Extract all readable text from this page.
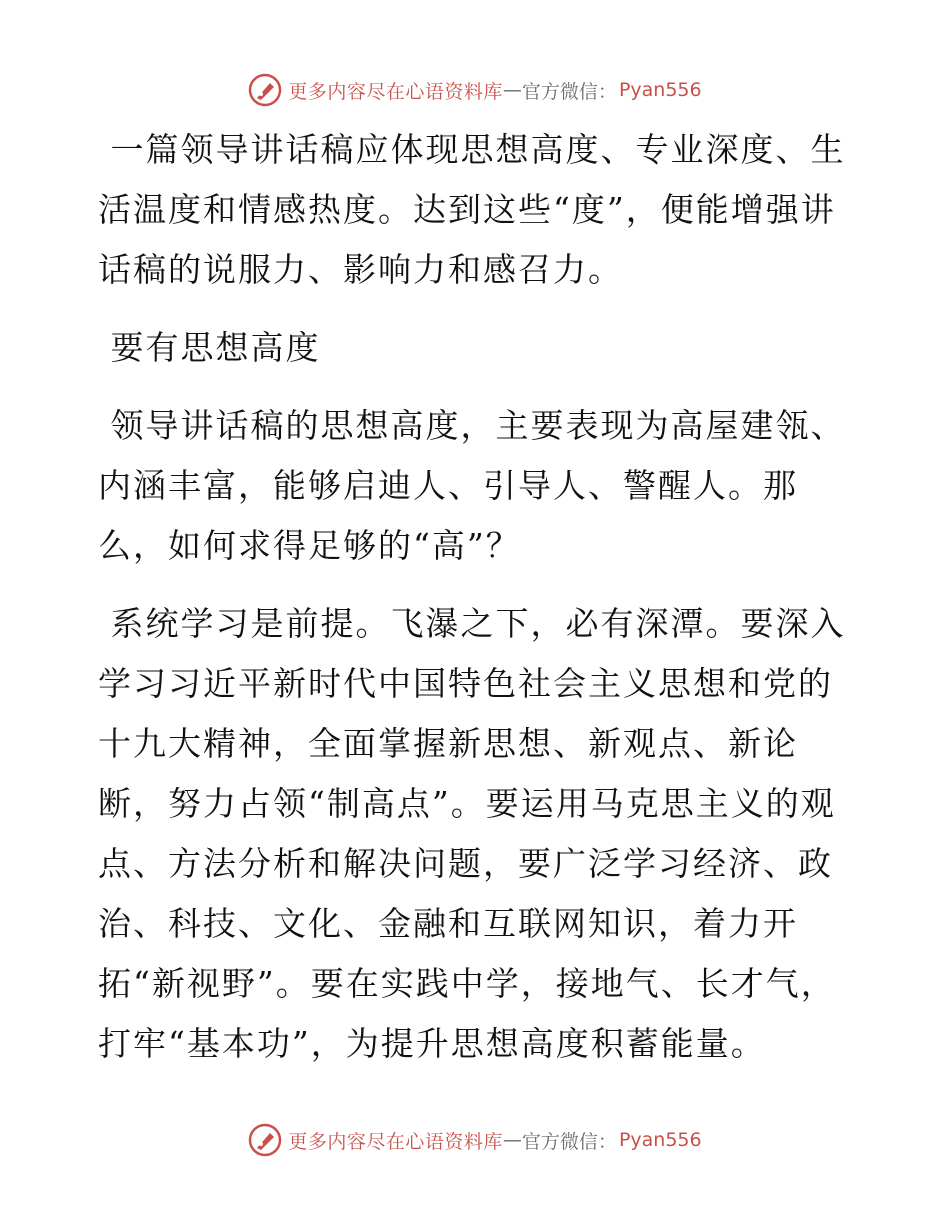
更多内容尽在心语资料库 — 官方微信： Pyan556

一篇领导讲话稿应体现思想高度、专业深度、生活温度和情感热度。达到这些“度”，便能增强讲话稿的说服力、影响力和感召力。

要有思想高度

领导讲话稿的思想高度，主要表现为高屋建瓴、内涵丰富，能够启迪人、引导人、警醒人。那么，如何求得足够的“高”？

系统学习是前提。飞瀑之下，必有深潭。要深入学习习近平新时代中国特色社会主义思想和党的十九大精神，全面掌握新思想、新观点、新论断，努力占领“制高点”。要运用马克思主义的观点、方法分析和解决问题，要广泛学习经济、政治、科技、文化、金融和互联网知识，着力开拓“新视野”。要在实践中学，接地气、长才气，打牢“基本功”，为提升思想高度积蓄能量。

更多内容尽在心语资料库 — 官方微信： Pyan556
